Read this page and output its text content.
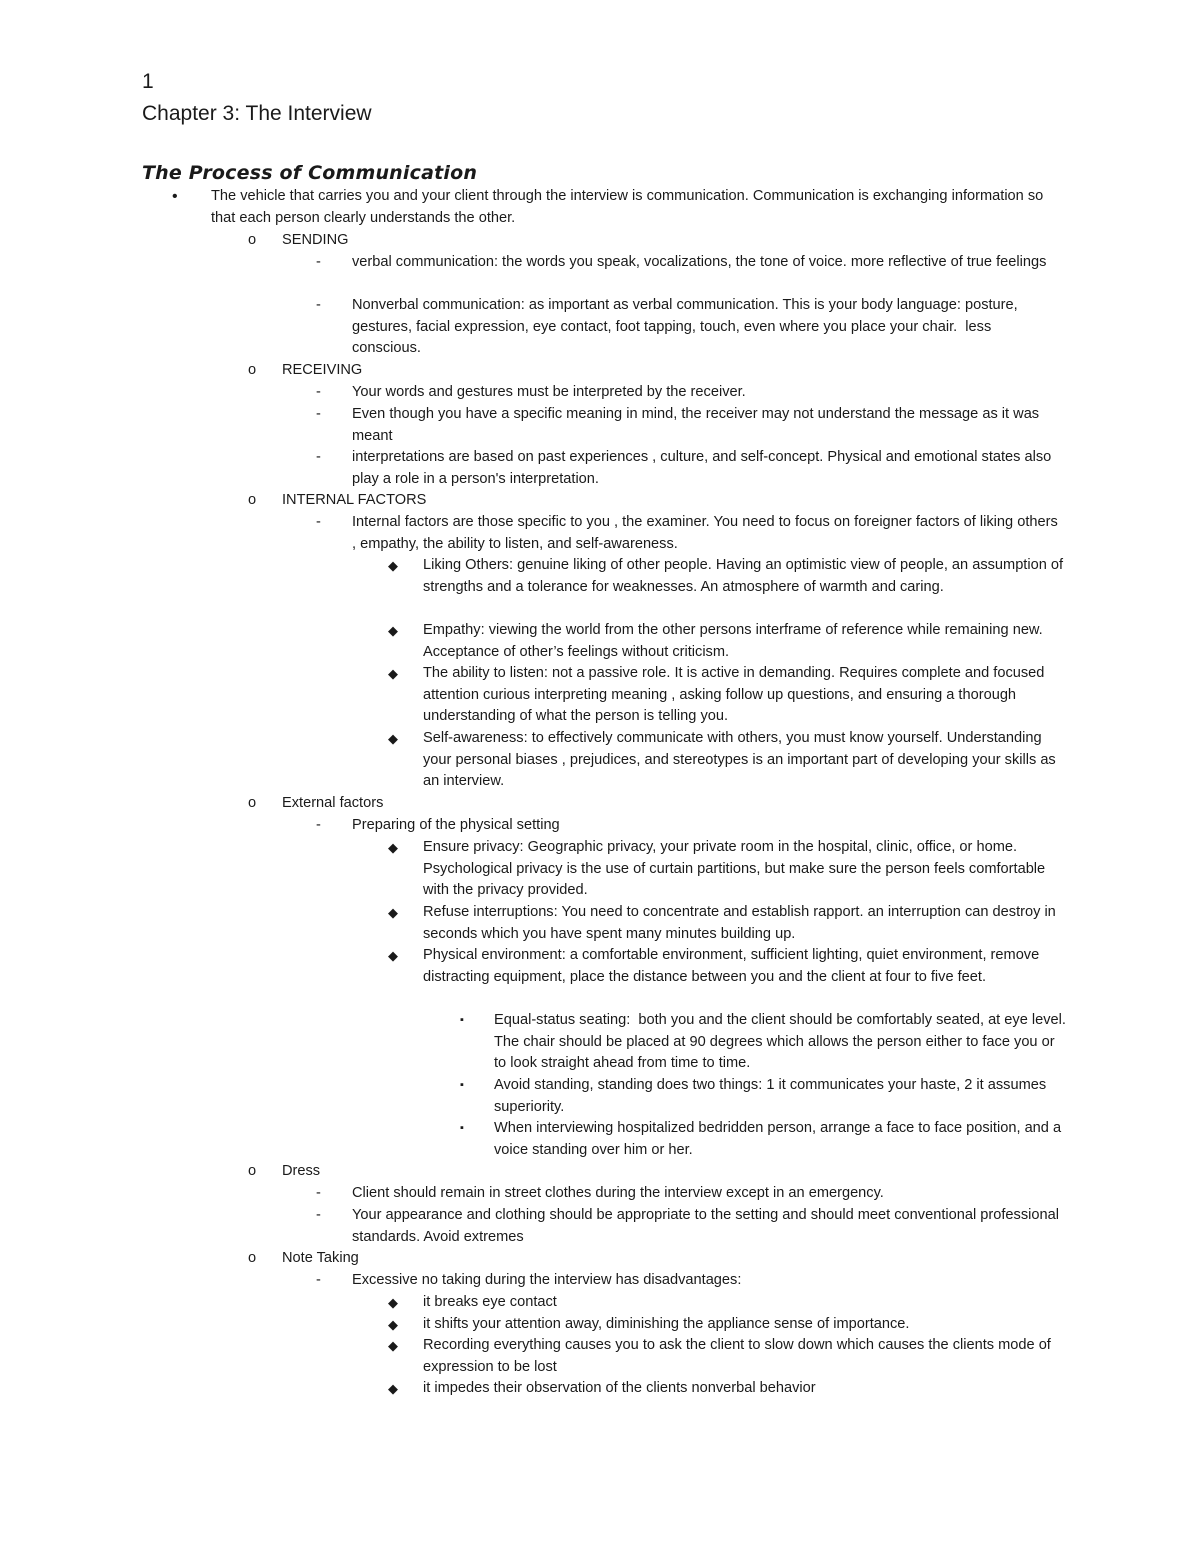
1
Chapter 3: The Interview
The Process of Communication
• The vehicle that carries you and your client through the interview is communication. Communication is exchanging information so that each person clearly understands the other.
o SENDING
- verbal communication: the words you speak, vocalizations, the tone of voice. more reflective of true feelings
- Nonverbal communication: as important as verbal communication. This is your body language: posture, gestures, facial expression, eye contact, foot tapping, touch, even where you place your chair.  less conscious.
o RECEIVING
- Your words and gestures must be interpreted by the receiver.
- Even though you have a specific meaning in mind, the receiver may not understand the message as it was meant
- interpretations are based on past experiences , culture, and self-concept. Physical and emotional states also play a role in a person's interpretation.
o INTERNAL FACTORS
- Internal factors are those specific to you , the examiner. You need to focus on foreigner factors of liking others , empathy, the ability to listen, and self-awareness.
◆ Liking Others: genuine liking of other people. Having an optimistic view of people, an assumption of strengths and a tolerance for weaknesses. An atmosphere of warmth and caring.
◆ Empathy: viewing the world from the other persons interframe of reference while remaining new. Acceptance of other’s feelings without criticism.
◆ The ability to listen: not a passive role. It is active in demanding. Requires complete and focused attention curious interpreting meaning , asking follow up questions, and ensuring a thorough understanding of what the person is telling you.
◆ Self-awareness: to effectively communicate with others, you must know yourself. Understanding your personal biases , prejudices, and stereotypes is an important part of developing your skills as an interview.
o External factors
- Preparing of the physical setting
◆ Ensure privacy: Geographic privacy, your private room in the hospital, clinic, office, or home. Psychological privacy is the use of curtain partitions, but make sure the person feels comfortable with the privacy provided.
◆ Refuse interruptions: You need to concentrate and establish rapport. an interruption can destroy in seconds which you have spent many minutes building up.
◆ Physical environment: a comfortable environment, sufficient lighting, quiet environment, remove distracting equipment, place the distance between you and the client at four to five feet.
▪ Equal-status seating:  both you and the client should be comfortably seated, at eye level. The chair should be placed at 90 degrees which allows the person either to face you or to look straight ahead from time to time.
▪ Avoid standing, standing does two things: 1 it communicates your haste, 2 it assumes superiority.
▪ When interviewing hospitalized bedridden person, arrange a face to face position, and a voice standing over him or her.
o Dress
- Client should remain in street clothes during the interview except in an emergency.
- Your appearance and clothing should be appropriate to the setting and should meet conventional professional standards. Avoid extremes
o Note Taking
- Excessive no taking during the interview has disadvantages:
◆ it breaks eye contact
◆ it shifts your attention away, diminishing the appliance sense of importance.
◆ Recording everything causes you to ask the client to slow down which causes the clients mode of expression to be lost
◆ it impedes their observation of the clients nonverbal behavior
